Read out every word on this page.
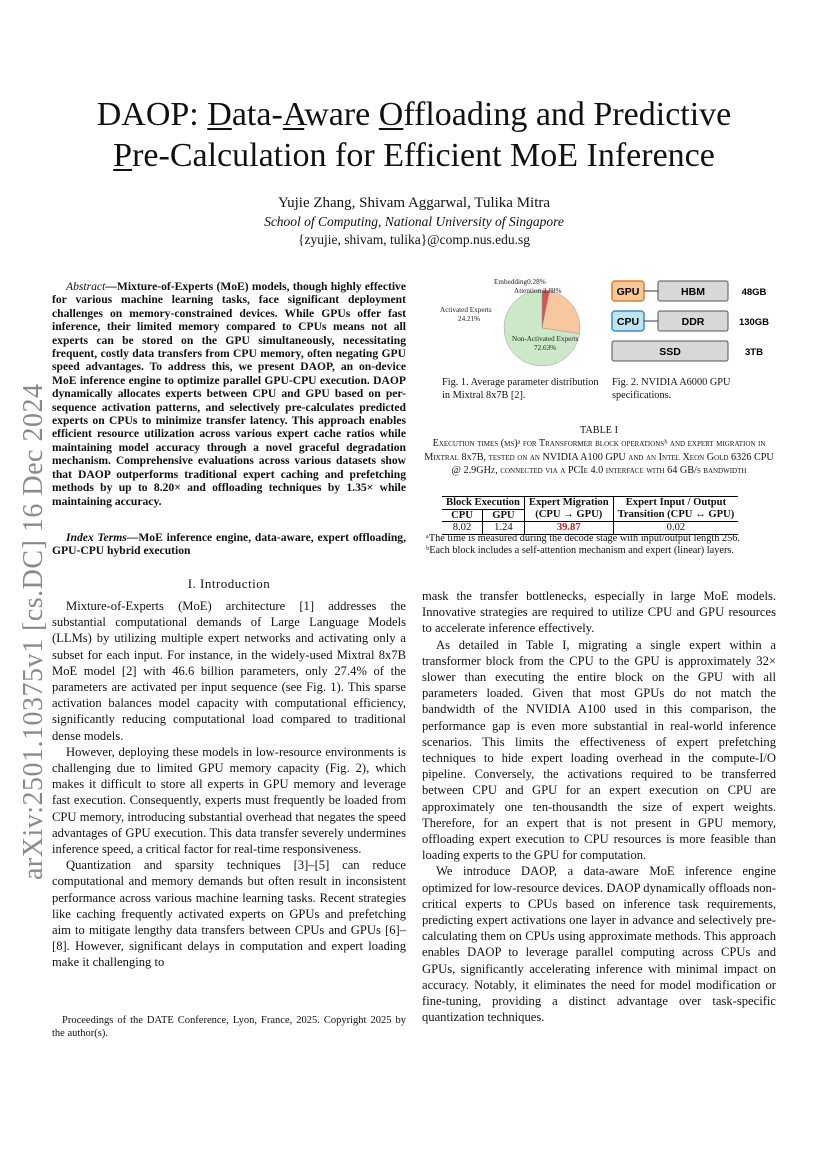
arXiv:2501.10375v1 [cs.DC] 16 Dec 2024
DAOP: Data-Aware Offloading and Predictive
Pre-Calculation for Efficient MoE Inference
Yujie Zhang, Shivam Aggarwal, Tulika Mitra
School of Computing, National University of Singapore
{zyujie, shivam, tulika}@comp.nus.edu.sg
Abstract—Mixture-of-Experts (MoE) models, though highly effective for various machine learning tasks, face significant deployment challenges on memory-constrained devices. While GPUs offer fast inference, their limited memory compared to CPUs means not all experts can be stored on the GPU simultaneously, necessitating frequent, costly data transfers from CPU memory, often negating GPU speed advantages. To address this, we present DAOP, an on-device MoE inference engine to optimize parallel GPU-CPU execution. DAOP dynamically allocates experts between CPU and GPU based on per-sequence activation patterns, and selectively pre-calculates predicted experts on CPUs to minimize transfer latency. This approach enables efficient resource utilization across various expert cache ratios while maintaining model accuracy through a novel graceful degradation mechanism. Comprehensive evaluations across various datasets show that DAOP outperforms traditional expert caching and prefetching methods by up to 8.20× and offloading techniques by 1.35× while maintaining accuracy.
Index Terms—MoE inference engine, data-aware, expert offloading, GPU-CPU hybrid execution
I. Introduction

Mixture-of-Experts (MoE) architecture [1] addresses the substantial computational demands of Large Language Models (LLMs) by utilizing multiple expert networks and activating only a subset for each input. For instance, in the widely-used Mixtral 8x7B MoE model [2] with 46.6 billion parameters, only 27.4% of the parameters are activated per input sequence (see Fig. 1). This sparse activation balances model capacity with computational efficiency, significantly reducing computational load compared to traditional dense models.

However, deploying these models in low-resource environments is challenging due to limited GPU memory capacity (Fig. 2), which makes it difficult to store all experts in GPU memory and leverage fast execution. Consequently, experts must frequently be loaded from CPU memory, introducing substantial overhead that negates the speed advantages of GPU execution. This data transfer severely undermines inference speed, a critical factor for real-time responsiveness.

Quantization and sparsity techniques [3]–[5] can reduce computational and memory demands but often result in inconsistent performance across various machine learning tasks. Recent strategies like caching frequently activated experts on GPUs and prefetching aim to mitigate lengthy data transfers between CPUs and GPUs [6]–[8]. However, significant delays in computation and expert loading make it challenging to

Proceedings of the DATE Conference, Lyon, France, 2025. Copyright 2025 by the author(s).
Embedding0.28%
Attention 2.88%
Activated Experts
24.21%
Non-Activated Experts
72.63%
Fig. 1. Average parameter distribution in Mixtral 8x7B [2].
GPU	HBM	48GB
CPU	DDR	130GB
SSD	3TB
Fig. 2. NVIDIA A6000 GPU specifications.
TABLE I
Execution times (ms)ᵃ for Transformer block operationsᵇ and expert migration in Mixtral 8x7B, tested on an NVIDIA A100 GPU and an Intel Xeon Gold 6326 CPU @ 2.9GHz, connected via a PCIe 4.0 interface with 64 GB/s bandwidth
Block Execution		Expert Migration	Expert Input / Output
CPU	GPU	(CPU → GPU)	Transition (CPU ↔ GPU)
8.02	1.24	39.87	0.02
ᵃThe time is measured during the decode stage with input/output length 256.
ᵇEach block includes a self-attention mechanism and expert (linear) layers.

mask the transfer bottlenecks, especially in large MoE models. Innovative strategies are required to utilize CPU and GPU resources to accelerate inference effectively.

As detailed in Table I, migrating a single expert within a transformer block from the CPU to the GPU is approximately 32× slower than executing the entire block on the GPU with all parameters loaded. Given that most GPUs do not match the bandwidth of the NVIDIA A100 used in this comparison, the performance gap is even more substantial in real-world inference scenarios. This limits the effectiveness of expert prefetching techniques to hide expert loading overhead in the compute-I/O pipeline. Conversely, the activations required to be transferred between CPU and GPU for an expert execution on CPU are approximately one ten-thousandth the size of expert weights. Therefore, for an expert that is not present in GPU memory, offloading expert execution to CPU resources is more feasible than loading experts to the GPU for computation.

We introduce DAOP, a data-aware MoE inference engine optimized for low-resource devices. DAOP dynamically offloads non-critical experts to CPUs based on inference task requirements, predicting expert activations one layer in advance and selectively pre-calculating them on CPUs using approximate methods. This approach enables DAOP to leverage parallel computing across CPUs and GPUs, significantly accelerating inference with minimal impact on accuracy. Notably, it eliminates the need for model modification or fine-tuning, providing a distinct advantage over task-specific quantization techniques.
